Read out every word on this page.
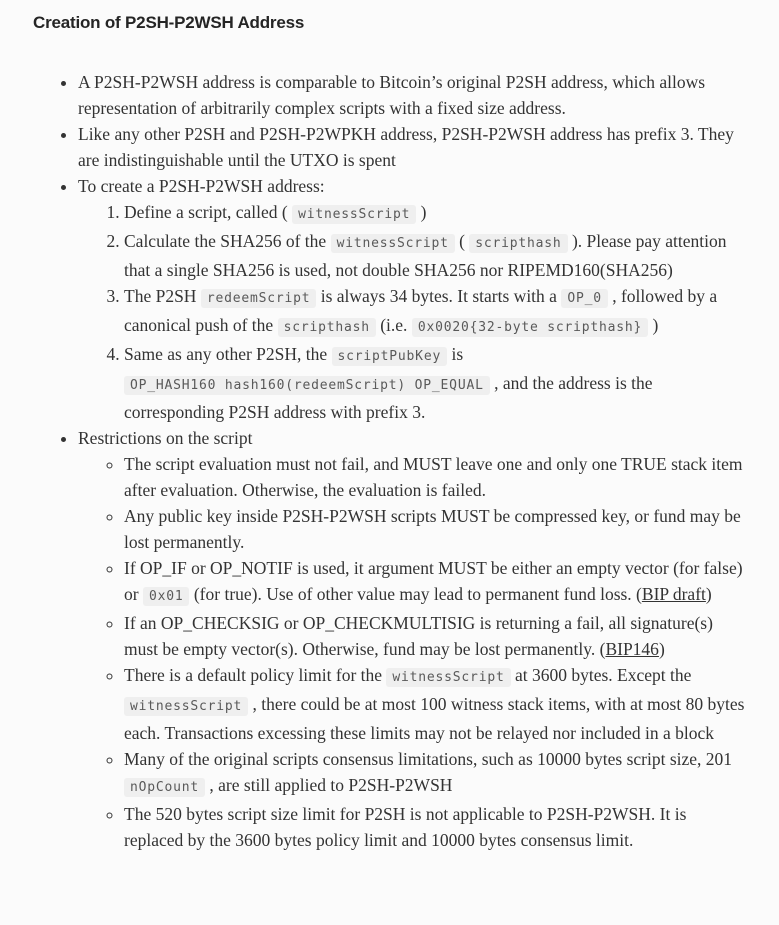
Creation of P2SH-P2WSH Address
• A P2SH-P2WSH address is comparable to Bitcoin’s original P2SH address, which allows representation of arbitrarily complex scripts with a fixed size address.
• Like any other P2SH and P2SH-P2WPKH address, P2SH-P2WSH address has prefix 3. They are indistinguishable until the UTXO is spent
• To create a P2SH-P2WSH address:
1. Define a script, called ( witnessScript )
2. Calculate the SHA256 of the witnessScript ( scripthash ). Please pay attention that a single SHA256 is used, not double SHA256 nor RIPEMD160(SHA256)
3. The P2SH redeemScript is always 34 bytes. It starts with a OP_0 , followed by a canonical push of the scripthash (i.e. 0x0020{32-byte scripthash} )
4. Same as any other P2SH, the scriptPubKey is OP_HASH160 hash160(redeemScript) OP_EQUAL , and the address is the corresponding P2SH address with prefix 3.
• Restrictions on the script
◦ The script evaluation must not fail, and MUST leave one and only one TRUE stack item after evaluation. Otherwise, the evaluation is failed.
◦ Any public key inside P2SH-P2WSH scripts MUST be compressed key, or fund may be lost permanently.
◦ If OP_IF or OP_NOTIF is used, it argument MUST be either an empty vector (for false) or 0x01 (for true). Use of other value may lead to permanent fund loss. (BIP draft)
◦ If an OP_CHECKSIG or OP_CHECKMULTISIG is returning a fail, all signature(s) must be empty vector(s). Otherwise, fund may be lost permanently. (BIP146)
◦ There is a default policy limit for the witnessScript at 3600 bytes. Except the witnessScript , there could be at most 100 witness stack items, with at most 80 bytes each. Transactions excessing these limits may not be relayed nor included in a block
◦ Many of the original scripts consensus limitations, such as 10000 bytes script size, 201 nOpCount , are still applied to P2SH-P2WSH
◦ The 520 bytes script size limit for P2SH is not applicable to P2SH-P2WSH. It is replaced by the 3600 bytes policy limit and 10000 bytes consensus limit.
